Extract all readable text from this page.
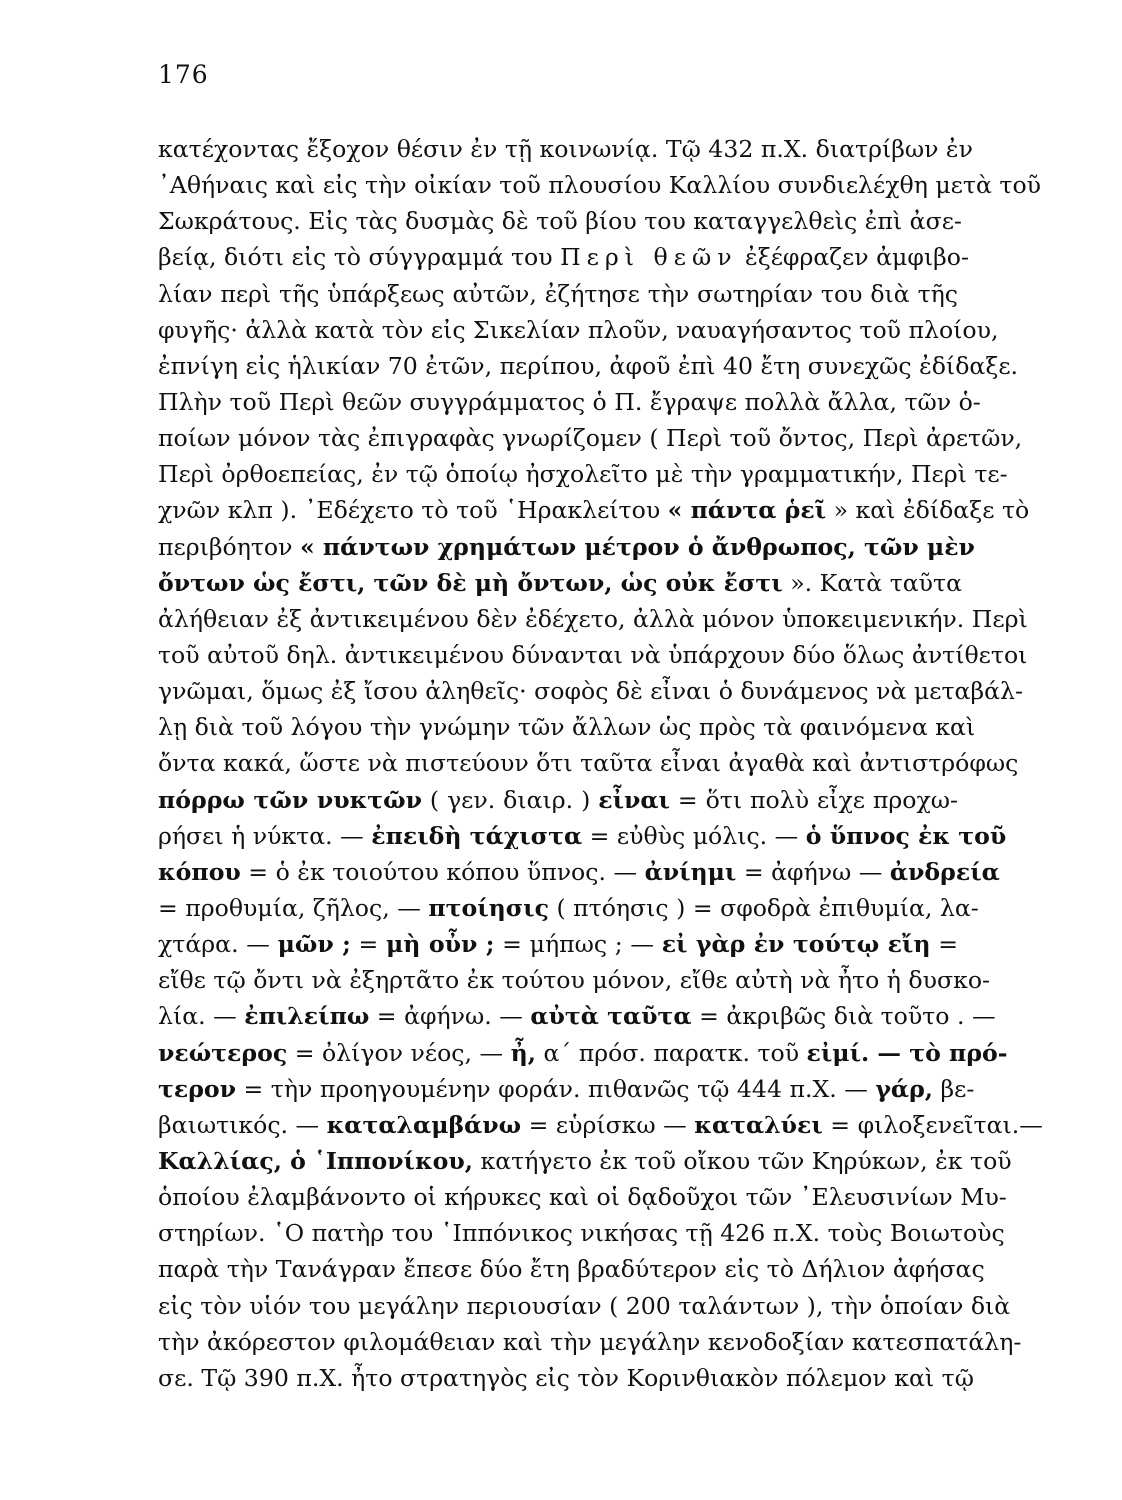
176
κατέχοντας ἔξοχον θέσιν ἐν τῇ κοινωνίᾳ. Τῷ 432 π.Χ. διατρίβων ἐν
᾿Αθήναις καὶ εἰς τὴν οἰκίαν τοῦ πλουσίου Καλλίου συνδιελέχθη μετὰ τοῦ
Σωκράτους. Εἰς τὰς δυσμὰς δὲ τοῦ βίου του καταγγελθεὶς ἐπὶ ἀσε-
βείᾳ, διότι εἰς τὸ σύγγραμμά του Περὶ θεῶν ἐξέφραζεν ἀμφιβο-
λίαν περὶ τῆς ὑπάρξεως αὐτῶν, ἐζήτησε τὴν σωτηρίαν του διὰ τῆς
φυγῆς· ἀλλὰ κατὰ τὸν εἰς Σικελίαν πλοῦν, ναυαγήσαντος τοῦ πλοίου,
ἐπνίγη εἰς ἡλικίαν 70 ἐτῶν, περίπου, ἀφοῦ ἐπὶ 40 ἔτη συνεχῶς ἐδίδαξε.
Πλὴν τοῦ Περὶ θεῶν συγγράμματος ὁ Π. ἔγραψε πολλὰ ἄλλα, τῶν ὁ-
ποίων μόνον τὰς ἐπιγραφὰς γνωρίζομεν ( Περὶ τοῦ ὄντος, Περὶ ἀρετῶν,
Περὶ ὀρθοεπείας, ἐν τῷ ὁποίῳ ἠσχολεῖτο μὲ τὴν γραμματικήν, Περὶ τε-
χνῶν κλπ ). ᾿Εδέχετο τὸ τοῦ ῾Ηρακλείτου « πάντα ῥεῖ » καὶ ἐδίδαξε τὸ
περιβόητον « πάντων χρημάτων μέτρον ὁ ἄνθρωπος, τῶν μὲν
ὄντων ὡς ἔστι, τῶν δὲ μὴ ὄντων, ὡς οὐκ ἔστι ». Κατὰ ταῦτα
ἀλήθειαν ἐξ ἀντικειμένου δὲν ἐδέχετο, ἀλλὰ μόνον ὑποκειμενικήν. Περὶ
τοῦ αὐτοῦ δηλ. ἀντικειμένου δύνανται νὰ ὑπάρχουν δύο ὅλως ἀντίθετοι
γνῶμαι, ὅμως ἐξ ἴσου ἀληθεῖς· σοφὸς δὲ εἶναι ὁ δυνάμενος νὰ μεταβάλ-
λῃ διὰ τοῦ λόγου τὴν γνώμην τῶν ἄλλων ὡς πρὸς τὰ φαινόμενα καὶ
ὄντα κακά, ὥστε νὰ πιστεύουν ὅτι ταῦτα εἶναι ἀγαθὰ καὶ ἀντιστρόφως
πόρρω τῶν νυκτῶν ( γεν. διαιρ. ) εἶναι = ὅτι πολὺ εἶχε προχω-
ρήσει ἡ νύκτα. — ἐπειδὴ τάχιστα = εὐθὺς μόλις. — ὁ ὕπνος ἐκ τοῦ
κόπου = ὁ ἐκ τοιούτου κόπου ὕπνος. — ἀνίημι = ἀφήνω — ἀνδρεία
= προθυμία, ζῆλος, — πτοίησις ( πτόησις ) = σφοδρὰ ἐπιθυμία, λα-
χτάρα. — μῶν ; = μὴ οὖν ; = μήπως ; — εἰ γὰρ ἐν τούτῳ εἴη =
εἴθε τῷ ὄντι νὰ ἐξηρτᾶτο ἐκ τούτου μόνον, εἴθε αὐτὴ νὰ ἦτο ἡ δυσκο-
λία. — ἐπιλείπω = ἀφήνω. — αὐτὰ ταῦτα = ἀκριβῶς διὰ τοῦτο . —
νεώτερος = ὀλίγον νέος, — ἦ, α΄ πρόσ. παρατκ. τοῦ εἰμί. — τὸ πρό-
τερον = τὴν προηγουμένην φοράν. πιθανῶς τῷ 444 π.Χ. — γάρ, βε-
βαιωτικός. — καταλαμβάνω = εὑρίσκω — καταλύει = φιλοξενεῖται.—
Καλλίας, ὁ ῾Ιππονίκου, κατήγετο ἐκ τοῦ οἴκου τῶν Κηρύκων, ἐκ τοῦ
ὁποίου ἐλαμβάνοντο οἱ κήρυκες καὶ οἱ δᾳδοῦχοι τῶν ᾿Ελευσινίων Μυ-
στηρίων. ῾Ο πατὴρ του ῾Ιππόνικος νικήσας τῇ 426 π.Χ. τοὺς Βοιωτοὺς
παρὰ τὴν Τανάγραν ἔπεσε δύο ἔτη βραδύτερον εἰς τὸ Δήλιον ἀφήσας
εἰς τὸν υἱόν του μεγάλην περιουσίαν ( 200 ταλάντων ), τὴν ὁποίαν διὰ
τὴν ἀκόρεστον φιλομάθειαν καὶ τὴν μεγάλην κενοδοξίαν κατεσπατάλη-
σε. Τῷ 390 π.Χ. ἦτο στρατηγὸς εἰς τὸν Κορινθιακὸν πόλεμον καὶ τῷ
